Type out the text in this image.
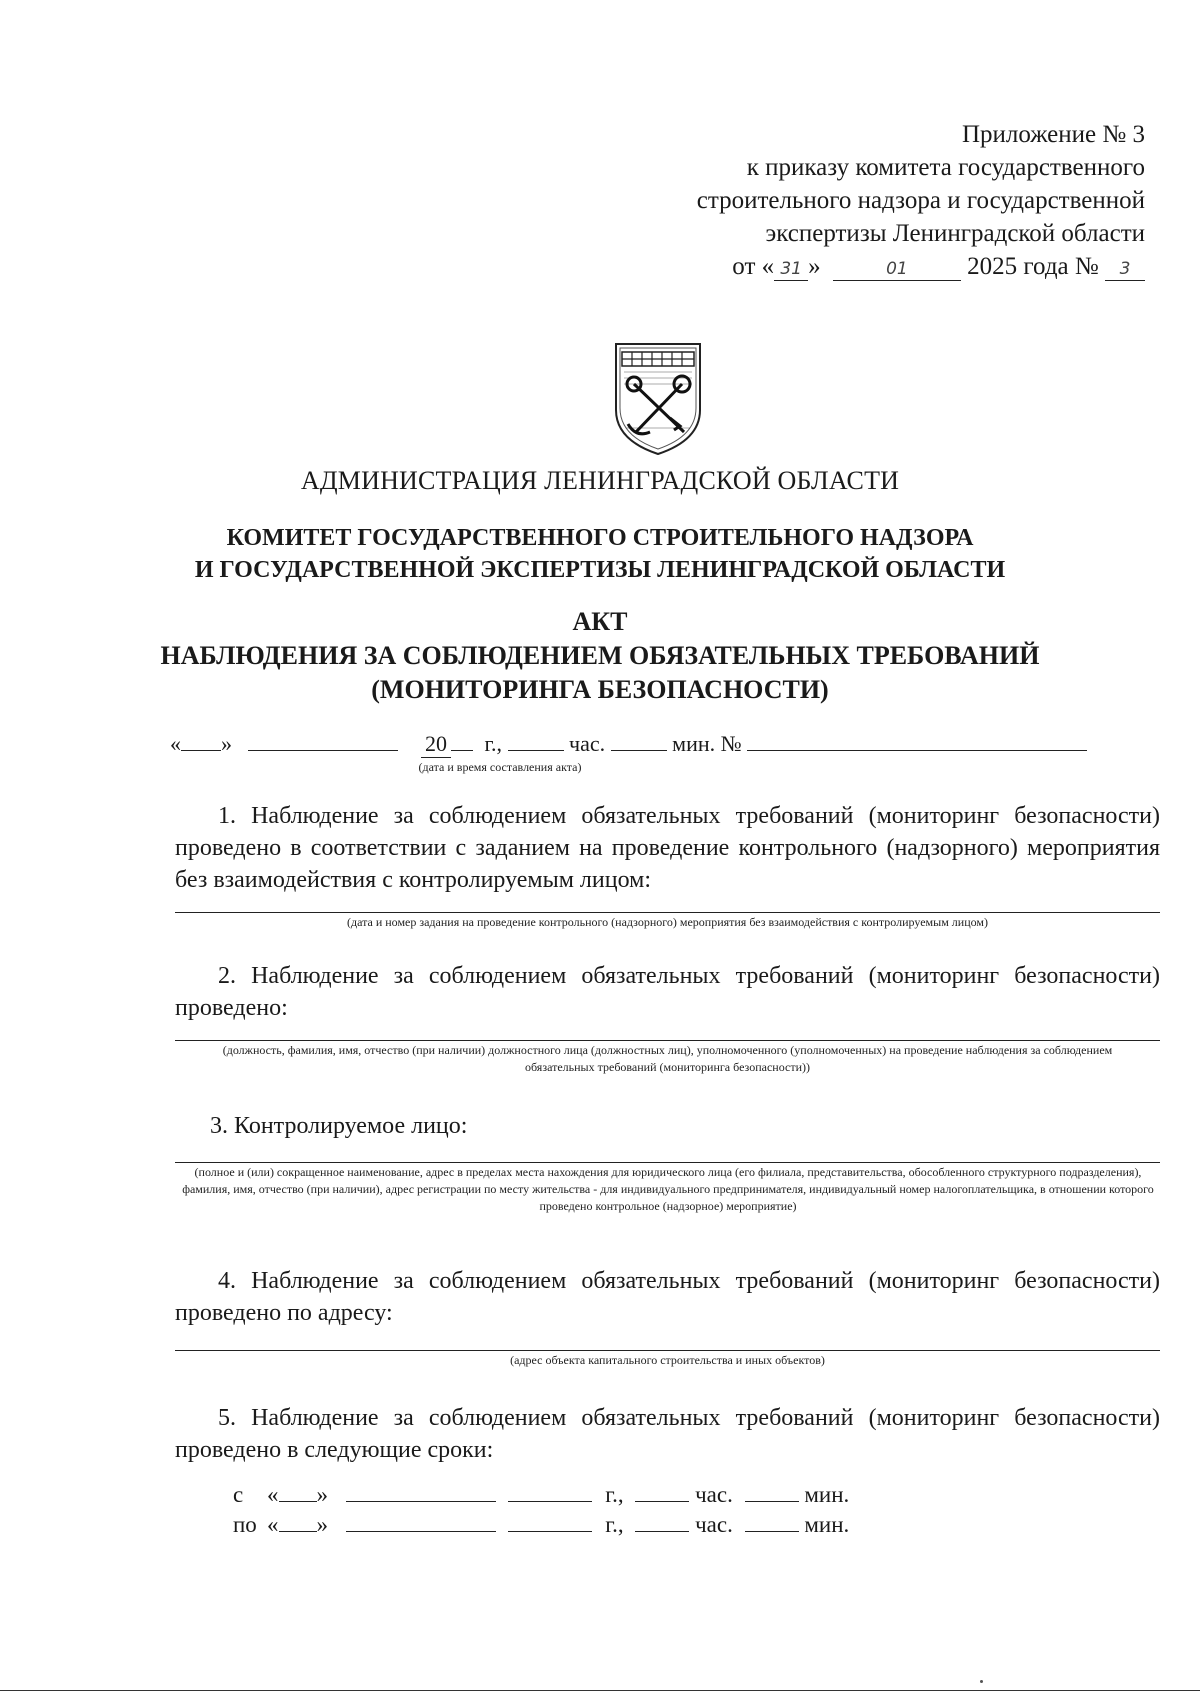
Приложение № 3
к приказу комитета государственного
строительного надзора и государственной
экспертизы Ленинградской области
от « 31 »	01 2025 года № 3
АДМИНИСТРАЦИЯ ЛЕНИНГРАДСКОЙ ОБЛАСТИ
КОМИТЕТ ГОСУДАРСТВЕННОГО СТРОИТЕЛЬНОГО НАДЗОРА
И ГОСУДАРСТВЕННОЙ ЭКСПЕРТИЗЫ ЛЕНИНГРАДСКОЙ ОБЛАСТИ
АКТ
НАБЛЮДЕНИЯ ЗА СОБЛЮДЕНИЕМ ОБЯЗАТЕЛЬНЫХ ТРЕБОВАНИЙ
(МОНИТОРИНГА БЕЗОПАСНОСТИ)
« »	20 г.,	час.	мин. №
(дата и время составления акта)
1. Наблюдение за соблюдением обязательных требований (мониторинг безопасности) проведено в соответствии с заданием на проведение контрольного (надзорного) мероприятия без взаимодействия с контролируемым лицом:
(дата и номер задания на проведение контрольного (надзорного) мероприятия без взаимодействия с контролируемым лицом)
2. Наблюдение за соблюдением обязательных требований (мониторинг безопасности) проведено:
(должность, фамилия, имя, отчество (при наличии) должностного лица (должностных лиц), уполномоченного (уполномоченных) на проведение наблюдения за соблюдением обязательных требований (мониторинга безопасности))
3. Контролируемое лицо:
(полное и (или) сокращенное наименование, адрес в пределах места нахождения для юридического лица (его филиала, представительства, обособленного структурного подразделения), фамилия, имя, отчество (при наличии), адрес регистрации по месту жительства - для индивидуального предпринимателя, индивидуальный номер налогоплательщика, в отношении которого проведено контрольное (надзорное) мероприятие)
4. Наблюдение за соблюдением обязательных требований (мониторинг безопасности) проведено по адресу:
(адрес объекта капитального строительства и иных объектов)
5. Наблюдение за соблюдением обязательных требований (мониторинг безопасности) проведено в следующие сроки:
с « »	г.,	час.	мин.
по « »	г.,	час.	мин.
